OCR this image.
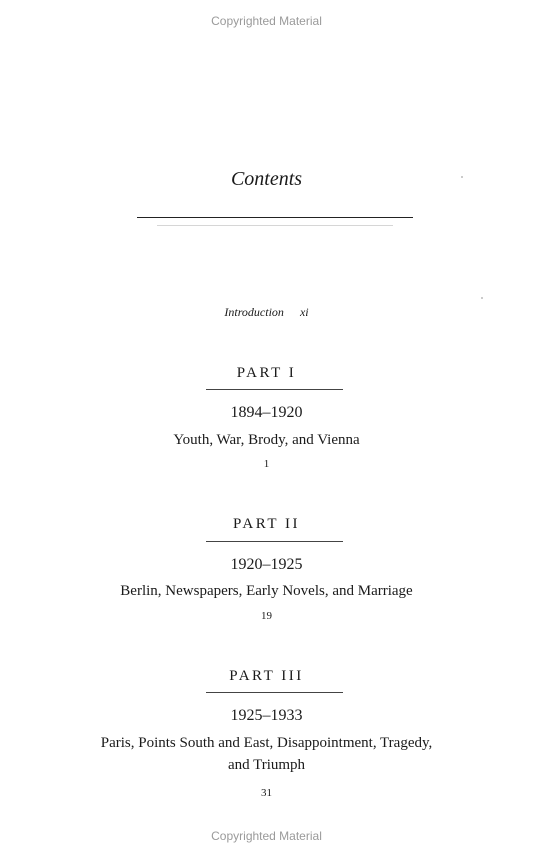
Copyrighted Material
Contents
Introduction xi
PART I
1894–1920
Youth, War, Brody, and Vienna
1
PART II
1920–1925
Berlin, Newspapers, Early Novels, and Marriage
19
PART III
1925–1933
Paris, Points South and East, Disappointment, Tragedy,
and Triumph
31
Copyrighted Material
